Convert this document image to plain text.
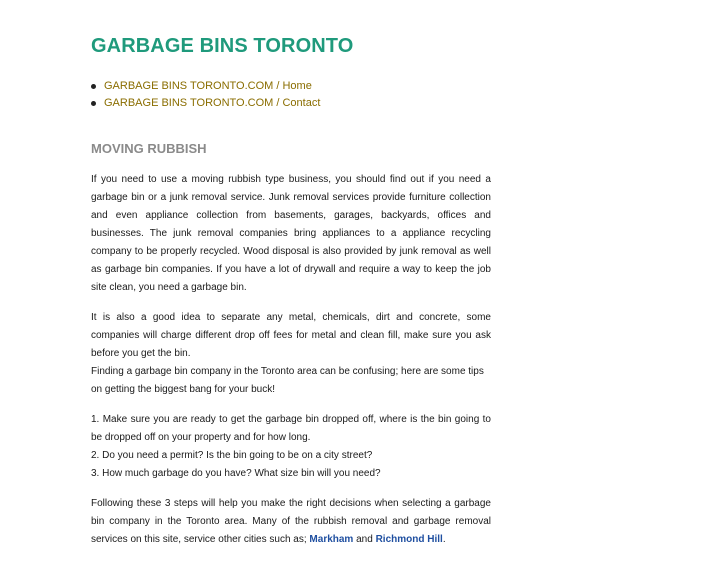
GARBAGE BINS TORONTO
GARBAGE BINS TORONTO.COM / Home
GARBAGE BINS TORONTO.COM / Contact
MOVING RUBBISH

If you need to use a moving rubbish type business, you should find out if you need a garbage bin or a junk removal service. Junk removal services provide furniture collection and even appliance collection from basements, garages, backyards, offices and businesses. The junk removal companies bring appliances to a appliance recycling company to be properly recycled. Wood disposal is also provided by junk removal as well as garbage bin companies. If you have a lot of drywall and require a way to keep the job site clean, you need a garbage bin.

It is also a good idea to separate any metal, chemicals, dirt and concrete, some companies will charge different drop off fees for metal and clean fill, make sure you ask before you get the bin.
Finding a garbage bin company in the Toronto area can be confusing; here are some tips on getting the biggest bang for your buck!

1. Make sure you are ready to get the garbage bin dropped off, where is the bin going to be dropped off on your property and for how long.
2. Do you need a permit? Is the bin going to be on a city street?
3. How much garbage do you have? What size bin will you need?

Following these 3 steps will help you make the right decisions when selecting a garbage bin company in the Toronto area. Many of the rubbish removal and garbage removal services on this site, service other cities such as; Markham and Richmond Hill.
